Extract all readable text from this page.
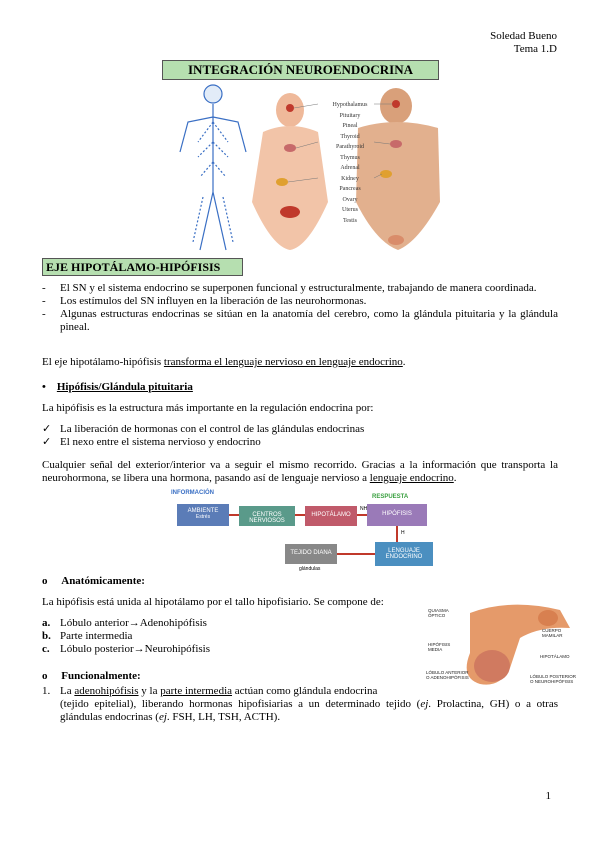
Soledad Bueno
Tema 1.D
INTEGRACIÓN NEUROENDOCRINA
Hypothalamus
Pituitary
Pineal
Thyroid
Parathyroid
Thymus
Adrenal
Kidney
Pancreas
Ovary
Uterus
Testis
EJE HIPOTÁLAMO-HIPÓFISIS
- El SN y el sistema endocrino se superponen funcional y estructuralmente, trabajando de manera coordinada.
- Los estímulos del SN influyen en la liberación de las neurohormonas.
- Algunas estructuras endocrinas se sitúan en la anatomía del cerebro, como la glándula pituitaria y la glándula pineal.
El eje hipotálamo-hipófisis transforma el lenguaje nervioso en lenguaje endocrino.
• Hipófisis/Glándula pituitaria
La hipófisis es la estructura más importante en la regulación endocrina por:
✓ La liberación de hormonas con el control de las glándulas endocrinas
✓ El nexo entre el sistema nervioso y endocrino
Cualquier señal del exterior/interior va a seguir el mismo recorrido. Gracias a la información que transporta la neurohormona, se libera una hormona, pasando así de lenguaje nervioso a lenguaje endocrino.
INFORMACIÓN
RESPUESTA
AMBIENTE
Estrés	CENTROS NERVIOSOS
HIPOTÁLAMO
NH
HIPÓFISIS
H
LENGUAJE ENDOCRINO
TEJIDO DIANA
glándulas
o Anatómicamente:
La hipófisis está unida al hipotálamo por el tallo hipofisiario. Se compone de:
a. Lóbulo anterior→Adenohipófisis
b. Parte intermedia
c. Lóbulo posterior→Neurohipófisis
QUIASMA ÓPTICO
CUERPO MAMILAR
HIPÓFISIS MEDIA
HIPOTÁLAMO
LÓBULO ANTERIOR O ADENOHIPÓFISIS	LÓBULO POSTERIOR O NEUROHIPÓFISIS
o Funcionalmente:
1. La adenohipófisis y la parte intermedia actúan como glándula endocrina
(tejido epitelial), liberando hormonas hipofisiarias a un determinado tejido (ej. Prolactina, GH) o a otras glándulas endocrinas (ej. FSH, LH, TSH, ACTH).
1
